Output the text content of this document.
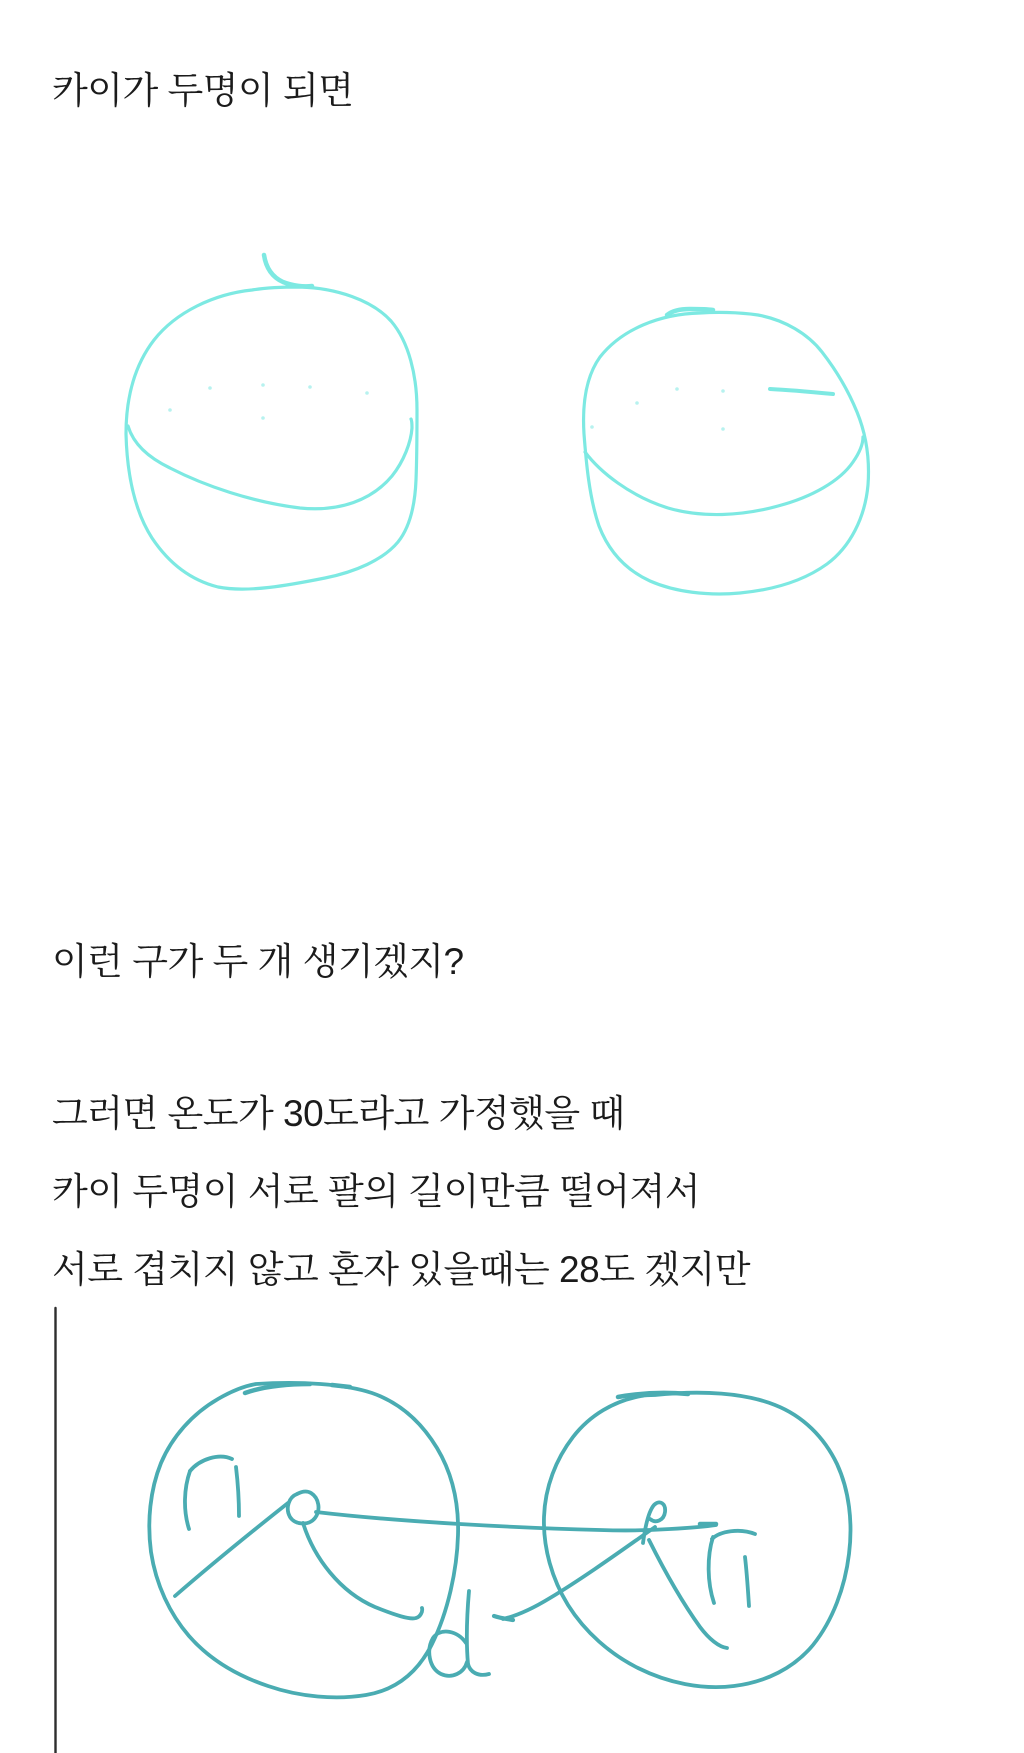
카이가 두명이 되면

이런 구가 두 개 생기겠지?

그러면 온도가 30도라고 가정했을 때

카이 두명이 서로 팔의 길이만큼 떨어져서

서로 겹치지 않고 혼자 있을때는 28도 겠지만
